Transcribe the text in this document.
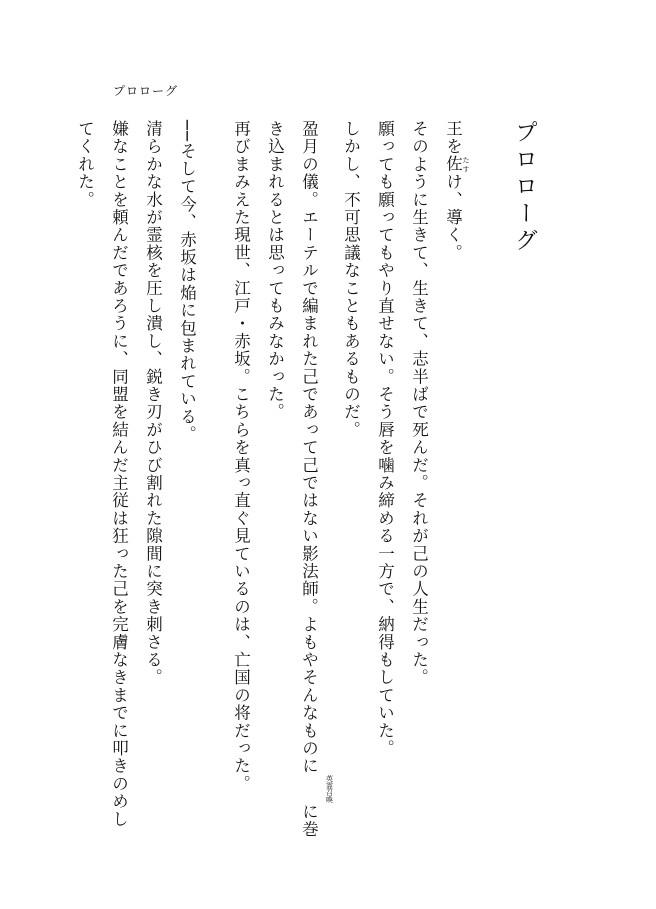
プロローグ
プロローグ

王を佐 たすけ、導く。

そのように生きて、生きて、志半ばで死んだ。それが己の人生だった。

願っても願ってもやり直せない。そう唇を噛み締める一方で、納得もしていた。

しかし、不可思議なこともあるものだ。

盈月の儀。エーテルで編まれた己であって己ではない影法師。よもやそんなものに英霊召喚に巻き込まれるとは思ってもみなかった。

再びまみえた現世、江戸・赤坂。こちらを真っ直ぐ見ているのは、亡国の将だった。

──そして今、赤坂は焔に包まれている。

清らかな水が霊核を圧し潰し、鋭き刃がひび割れた隙間に突き刺さる。

嫌なことを頼んだであろうに、同盟を結んだ主従は狂った己を完膚なきまでに叩きのめしてくれた。
